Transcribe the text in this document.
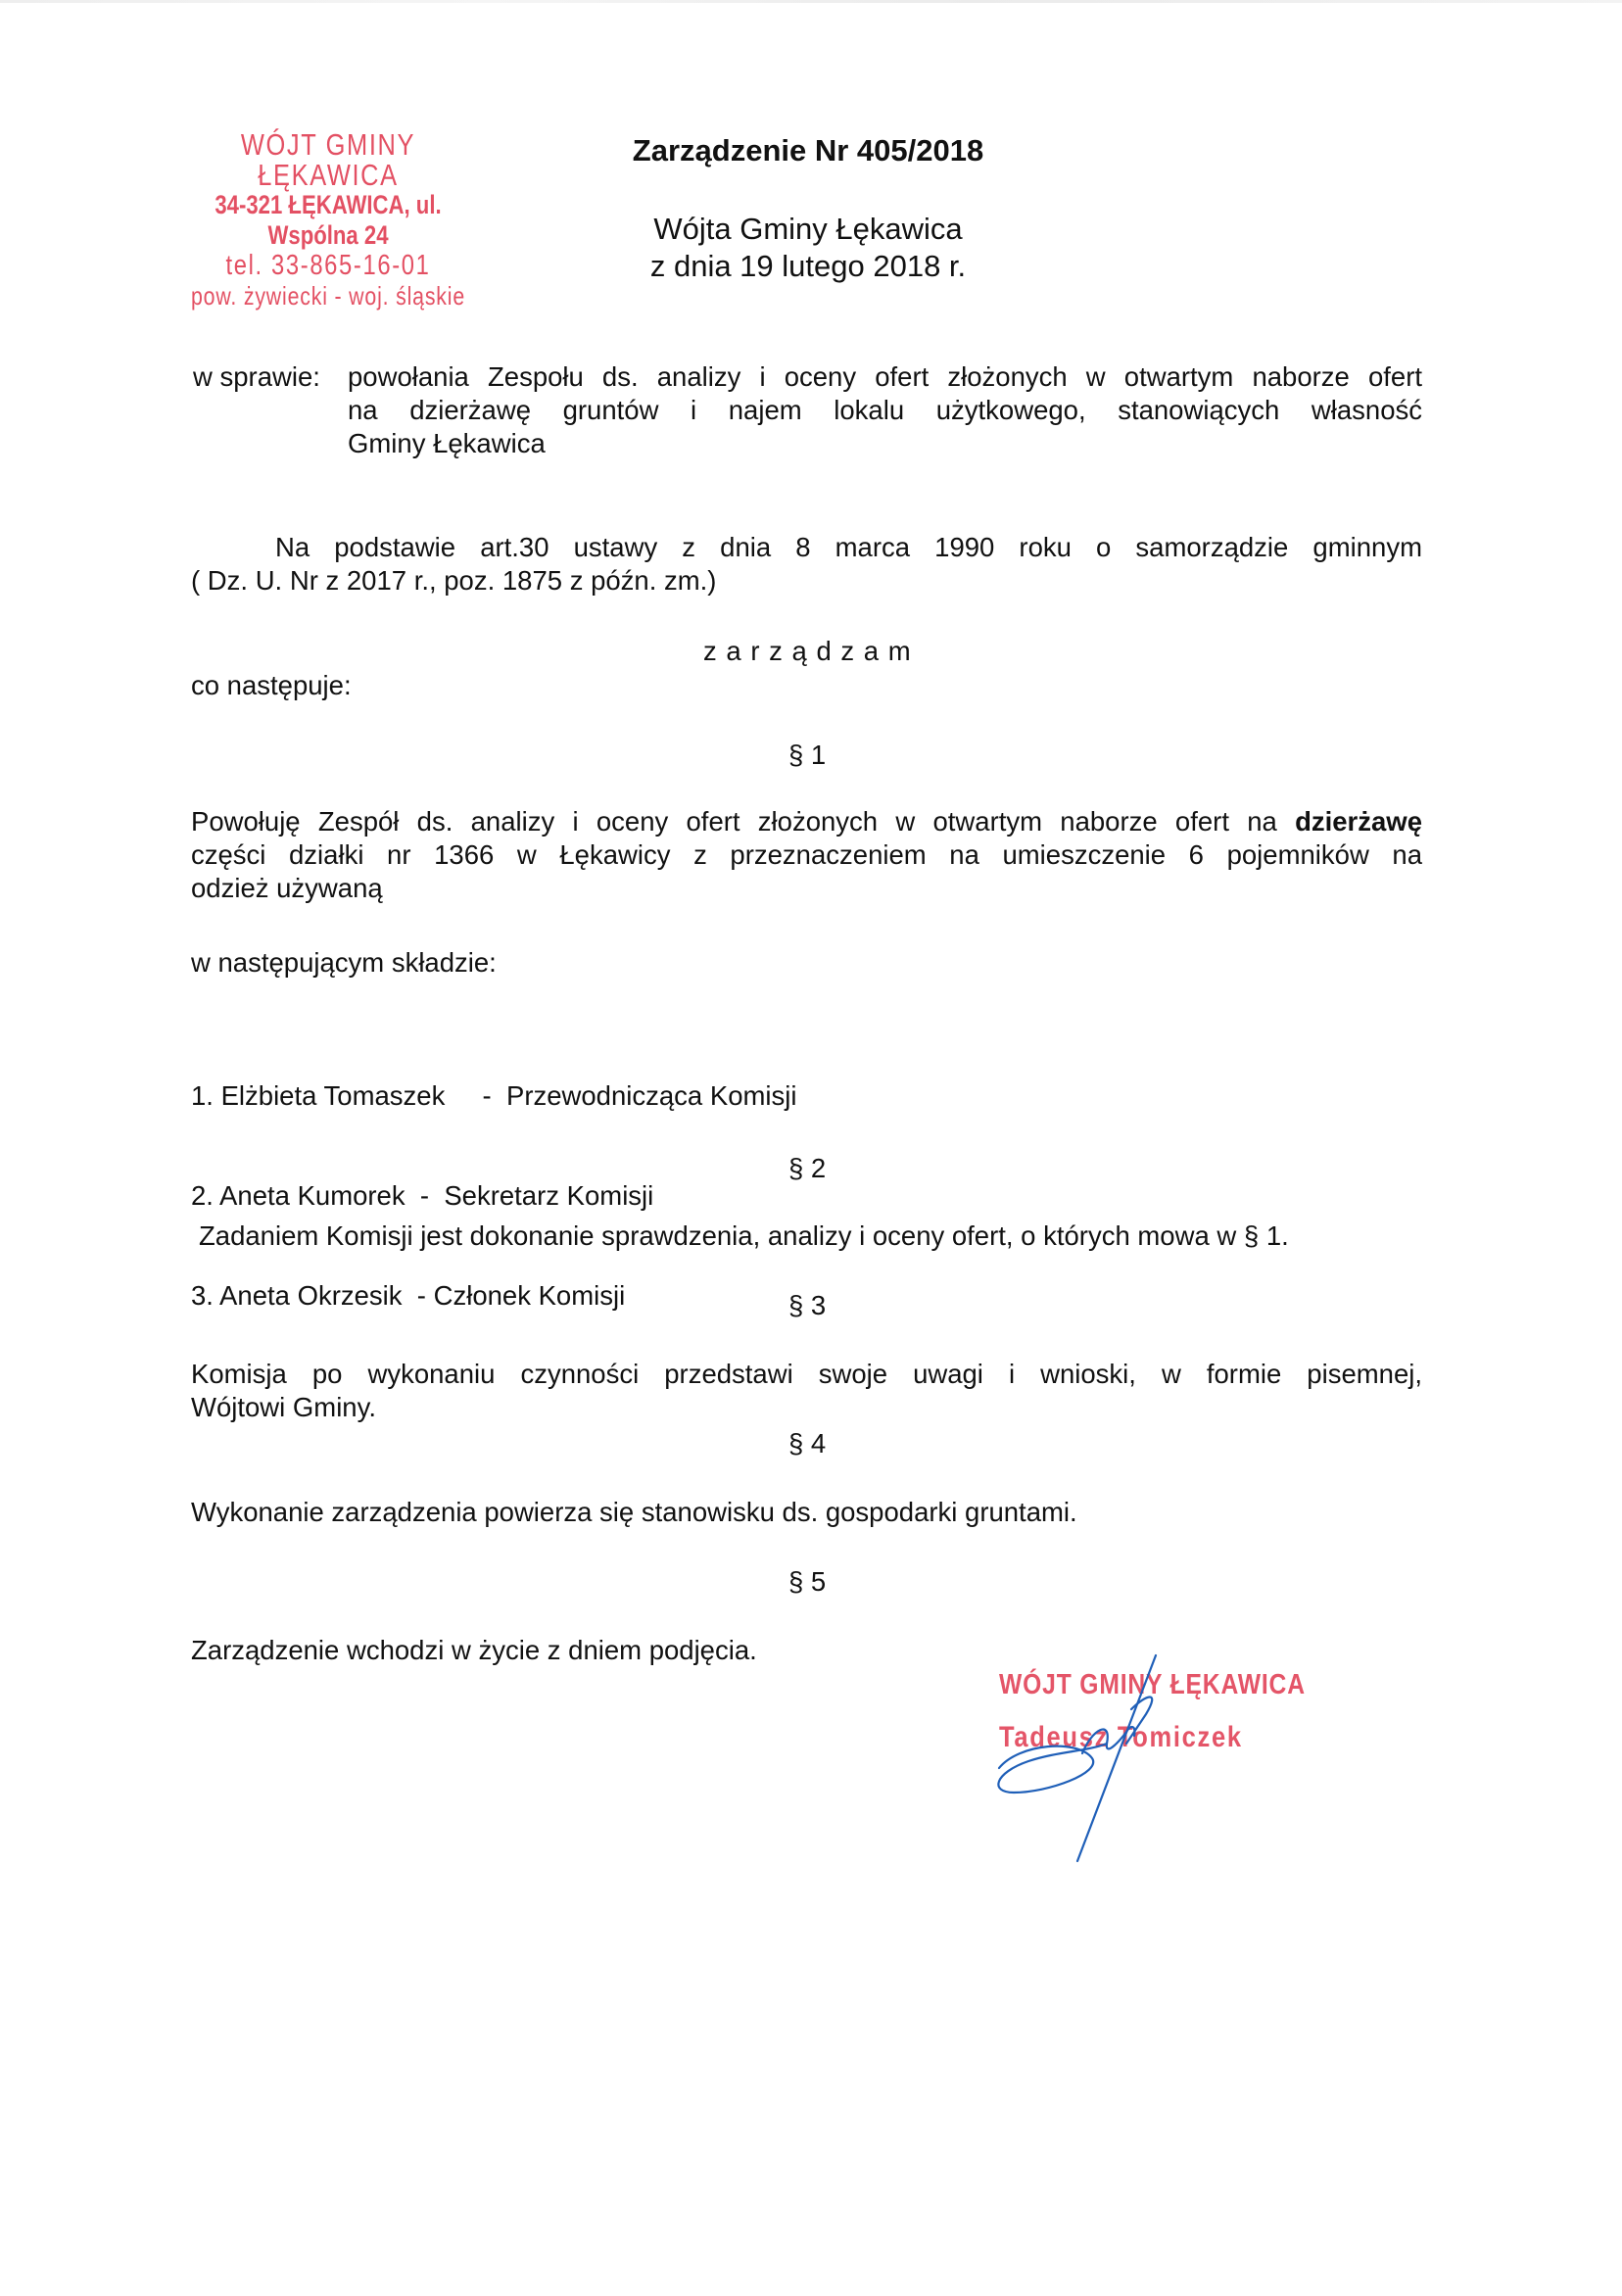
WÓJT GMINY ŁĘKAWICA
34-321 ŁĘKAWICA, ul. Wspólna 24
tel. 33-865-16-01
pow. żywiecki - woj. śląskie
Zarządzenie Nr 405/2018
Wójta Gminy Łękawica
z dnia 19 lutego 2018 r.
w sprawie: powołania Zespołu ds. analizy i oceny ofert złożonych w otwartym naborze ofert
na dzierżawę gruntów i najem lokalu użytkowego, stanowiących własność
Gminy Łękawica
Na podstawie art.30 ustawy z dnia 8 marca 1990 roku o samorządzie gminnym
( Dz. U. Nr z 2017 r., poz. 1875 z późn. zm.)
z a r z ą d z a m
co następuje:
§ 1
Powołuję Zespół ds. analizy i oceny ofert złożonych w otwartym naborze ofert na dzierżawę
części działki nr 1366 w Łękawicy z przeznaczeniem na umieszczenie 6 pojemników na
odzież używaną
w następującym składzie:

1. Elżbieta Tomaszek     -  Przewodnicząca Komisji

2. Aneta Kumorek  -  Sekretarz Komisji

3. Aneta Okrzesik  - Członek Komisji

§ 2
Zadaniem Komisji jest dokonanie sprawdzenia, analizy i oceny ofert, o których mowa w § 1.
§ 3
Komisja po wykonaniu czynności przedstawi swoje uwagi i wnioski, w formie pisemnej,
Wójtowi Gminy.
§ 4
Wykonanie zarządzenia powierza się stanowisku ds. gospodarki gruntami.
§ 5
Zarządzenie wchodzi w życie z dniem podjęcia.
WÓJT GMINY ŁĘKAWICA
Tadeusz Tomiczek
